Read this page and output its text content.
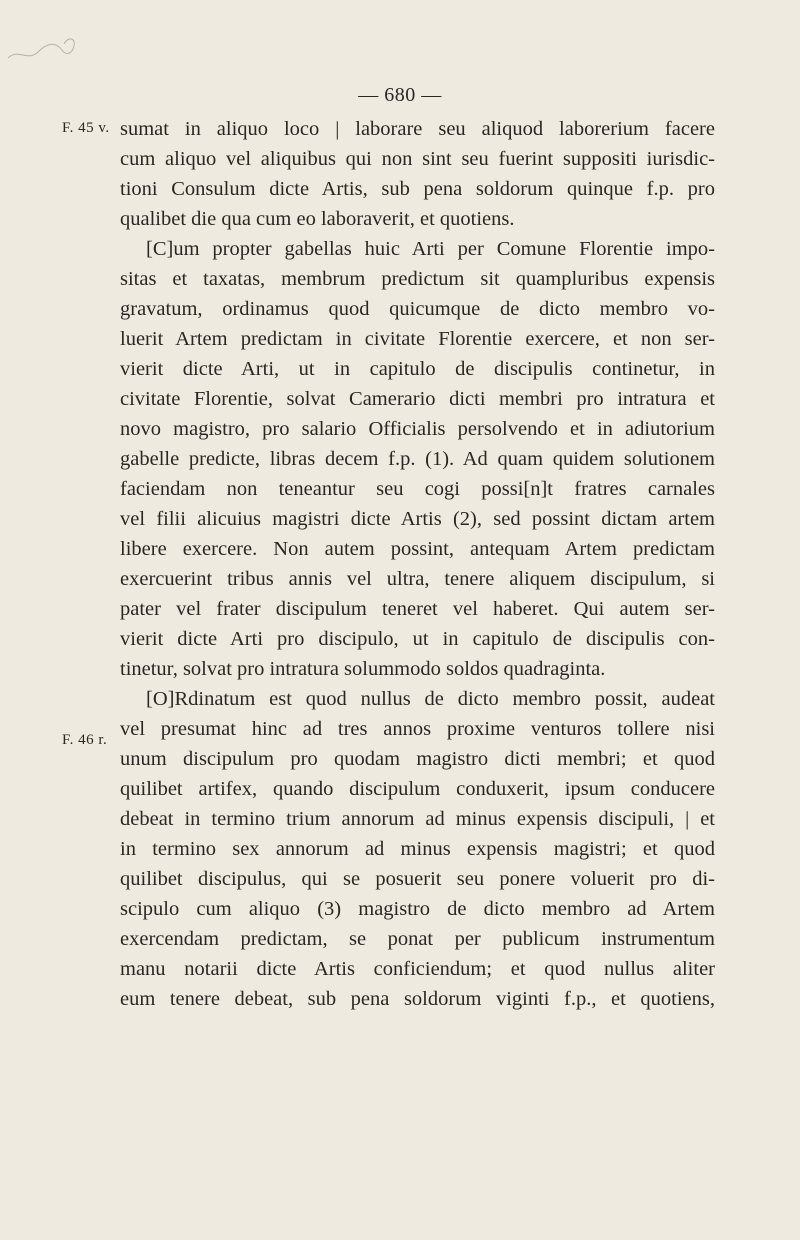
— 680 —
F. 45 v.
F. 46 r.
sumat in aliquo loco | laborare seu aliquod laborerium facere
cum aliquo vel aliquibus qui non sint seu fuerint suppositi iurisdic-
tioni Consulum dicte Artis, sub pena soldorum quinque f.p. pro
qualibet die qua cum eo laboraverit, et quotiens.
[C]um propter gabellas huic Arti per Comune Florentie impo-
sitas et taxatas, membrum predictum sit quampluribus expensis
gravatum, ordinamus quod quicumque de dicto membro vo-
luerit Artem predictam in civitate Florentie exercere, et non ser-
vierit dicte Arti, ut in capitulo de discipulis continetur, in
civitate Florentie, solvat Camerario dicti membri pro intratura et
novo magistro, pro salario Officialis persolvendo et in adiutorium
gabelle predicte, libras decem f.p. (1). Ad quam quidem solutionem
faciendam non teneantur seu cogi possi[n]t fratres carnales
vel filii alicuius magistri dicte Artis (2), sed possint dictam artem
libere exercere. Non autem possint, antequam Artem predictam
exercuerint tribus annis vel ultra, tenere aliquem discipulum, si
pater vel frater discipulum teneret vel haberet. Qui autem ser-
vierit dicte Arti pro discipulo, ut in capitulo de discipulis con-
tinetur, solvat pro intratura solummodo soldos quadraginta.
[O]Rdinatum est quod nullus de dicto membro possit, audeat
vel presumat hinc ad tres annos proxime venturos tollere nisi
unum discipulum pro quodam magistro dicti membri; et quod
quilibet artifex, quando discipulum conduxerit, ipsum conducere
debeat in termino trium annorum ad minus expensis discipuli, | et
in termino sex annorum ad minus expensis magistri; et quod
quilibet discipulus, qui se posuerit seu ponere voluerit pro di-
scipulo cum aliquo (3) magistro de dicto membro ad Artem
exercendam predictam, se ponat per publicum instrumentum
manu notarii dicte Artis conficiendum; et quod nullus aliter
eum tenere debeat, sub pena soldorum viginti f.p., et quotiens,
